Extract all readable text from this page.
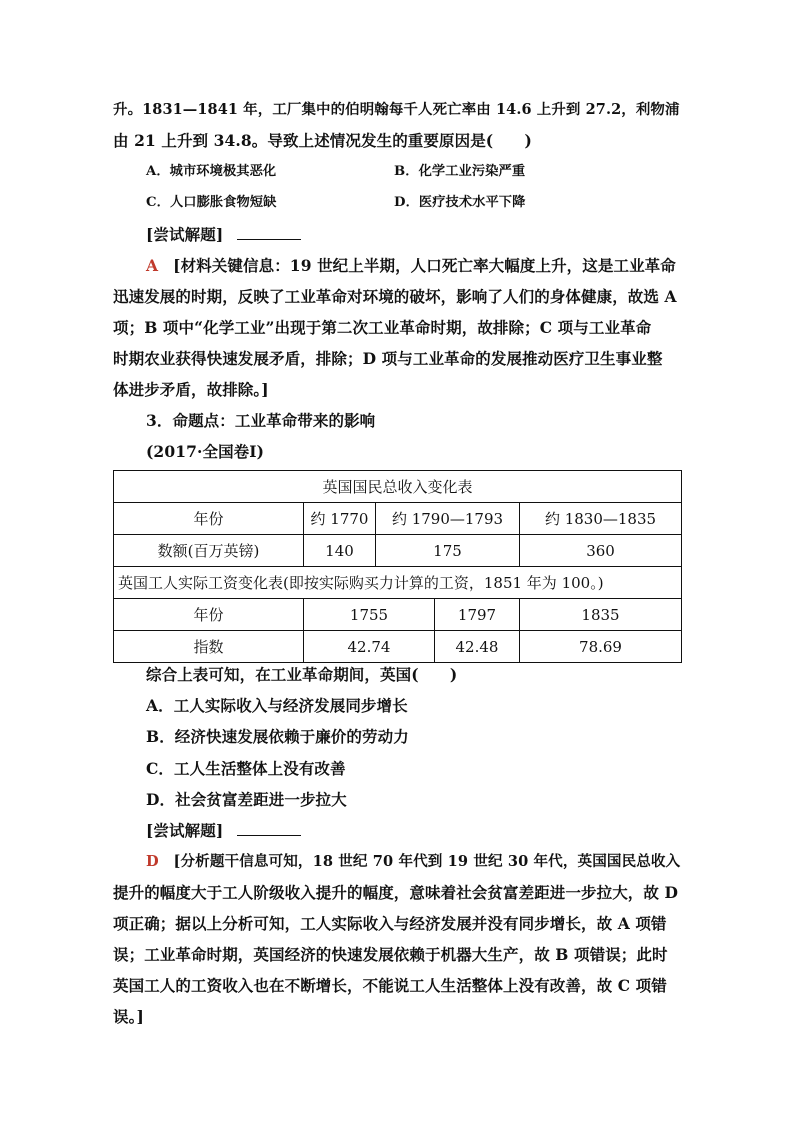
升。1831—1841 年，工厂集中的伯明翰每千人死亡率由 14.6 上升到 27.2，利物浦
由 21 上升到 34.8。导致上述情况发生的重要原因是(　　)
A．城市环境极其恶化	B．化学工业污染严重
C．人口膨胀食物短缺	D．医疗技术水平下降
[尝试解题]
A [材料关键信息：19 世纪上半期，人口死亡率大幅度上升，这是工业革命
迅速发展的时期，反映了工业革命对环境的破坏，影响了人们的身体健康，故选 A
项；B 项中“化学工业”出现于第二次工业革命时期，故排除；C 项与工业革命
时期农业获得快速发展矛盾，排除；D 项与工业革命的发展推动医疗卫生事业整
体进步矛盾，故排除。]
3．命题点：工业革命带来的影响
(2017·全国卷Ⅰ)
英国国民总收入变化表				
年份	约 1770	约 1790—1793		约 1830—1835
数额(百万英镑)	140	175		360
英国工人实际工资变化表(即按实际购买力计算的工资，1851 年为 100。)				
年份	1755		1797	1835
指数	42.74		42.48	78.69
综合上表可知，在工业革命期间，英国(　　)
A．工人实际收入与经济发展同步增长
B．经济快速发展依赖于廉价的劳动力
C．工人生活整体上没有改善
D．社会贫富差距进一步拉大
[尝试解题]
D [分析题干信息可知，18 世纪 70 年代到 19 世纪 30 年代，英国国民总收入
提升的幅度大于工人阶级收入提升的幅度，意味着社会贫富差距进一步拉大，故 D
项正确；据以上分析可知，工人实际收入与经济发展并没有同步增长，故 A 项错
误；工业革命时期，英国经济的快速发展依赖于机器大生产，故 B 项错误；此时
英国工人的工资收入也在不断增长，不能说工人生活整体上没有改善，故 C 项错
误。]
